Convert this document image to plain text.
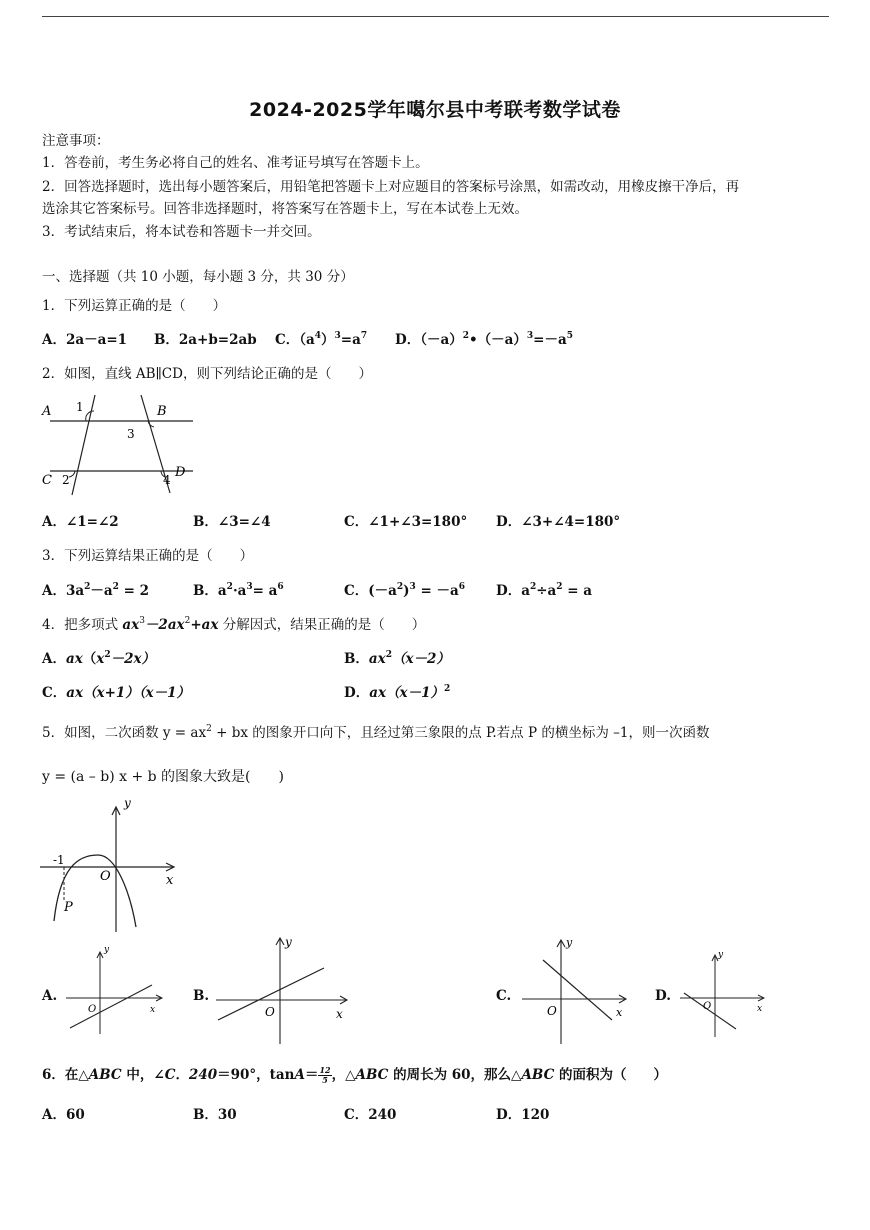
2024-2025学年噶尔县中考联考数学试卷
注意事项：
1．答卷前，考生务必将自己的姓名、准考证号填写在答题卡上。
2．回答选择题时，选出每小题答案后，用铅笔把答题卡上对应题目的答案标号涂黑，如需改动，用橡皮擦干净后，再
选涂其它答案标号。回答非选择题时，将答案写在答题卡上，写在本试卷上无效。
3．考试结束后，将本试卷和答题卡一并交回。
一、选择题（共 10 小题，每小题 3 分，共 30 分）
1．下列运算正确的是（　　）
A．2a－a=1 B．2a+b=2ab C．$(a^4)^3=a^7$ D．$(-a)^2•(-a)^3=-a^5$
2．如图，直线 AB∥CD，则下列结论正确的是（　　）
A	B
C
D
1
2
3
4
A．∠1=∠2	B．∠3=∠4	C．∠1+∠3=180° D．∠3+∠4=180°
3．下列运算结果正确的是（　　）
A．$3a^2-a^2 = 2$	B．$a^2\cdot a^3= a^6$	C．$(-a^2)^3 = -a^6$ D．$a^2\div a^2 = a$
4．把多项式 $ax^3-2ax^2+ax$ 分解因式，结果正确的是（　　）
A．$ax(x^2-2x)$	B．$ax^2(x-2)$
C．ax（x+1）（x－1）	D．$ax(x-1)^2$
5．如图，二次函数 $y = ax^2$ + bx 的图象开口向下，且经过第三象限的点 P.若点 P 的横坐标为 –1，则一次函数
y = (a – b) x + b 的图象大致是(　　)
y
x
O
-1
P
A.
y
x
O
B.
y
x
O
C.
y
x
O
D.
y
x
O
6．在△ABC 中，∠C．240＝90°，$\tan A= \frac{12}{5}$ ，△ABC 的周长为 60，那么△ABC 的面积为（　　）
A．60	B．30	C．240	D．120
